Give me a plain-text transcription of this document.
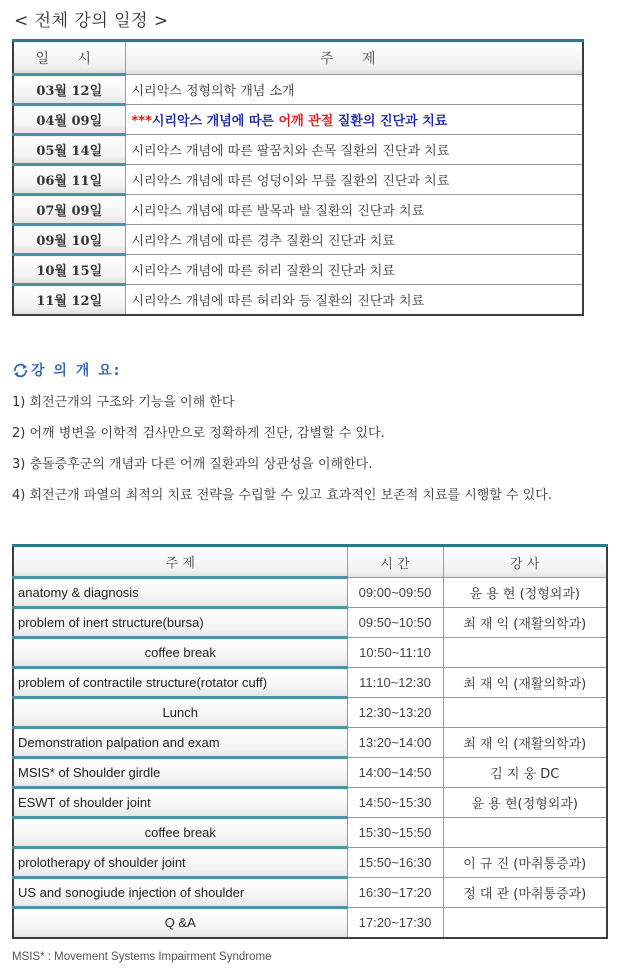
< 전체 강의 일정 >
일 시	주 제
03월 12일	시리악스 정형의학 개념 소개
04월 09일	***시리악스 개념에 따른 어깨 관절 질환의 진단과 치료
05월 14일	시리악스 개념에 따른 팔꿈치와 손목 질환의 진단과 치료
06월 11일	시리악스 개념에 따른 엉덩이와 무릎 질환의 진단과 치료
07월 09일	시리악스 개념에 따른 발목과 발 질환의 진단과 치료
09월 10일	시리악스 개념에 따른 경추 질환의 진단과 치료
10월 15일	시리악스 개념에 따른 허리 질환의 진단과 치료
11월 12일	시리악스 개념에 따른 허리와 등 질환의 진단과 치료
강 의 개 요:
1) 회전근개의 구조와 기능을 이해 한다
2) 어깨 병변을 이학적 검사만으로 정확하게 진단, 감별할 수 있다.
3) 충돌증후군의 개념과 다른 어깨 질환과의 상관성을 이해한다.
4) 회전근개 파열의 최적의 치료 전략을 수립할 수 있고 효과적인 보존적 치료를 시행할 수 있다.
주 제	시 간	강 사
anatomy & diagnosis	09:00~09:50	윤 용 현 (정형외과)
problem of inert structure(bursa)	09:50~10:50	최 재 익 (재활의학과)
coffee break	10:50~11:10	
problem of contractile structure(rotator cuff)	11:10~12:30	최 재 익 (재활의학과)
Lunch	12:30~13:20	
Demonstration palpation and exam	13:20~14:00	최 재 익 (재활의학과)
MSIS* of Shoulder girdle	14:00~14:50	김 지 웅 DC
ESWT of shoulder joint	14:50~15:30	윤 용 현(정형외과)
coffee break	15:30~15:50	
prolotherapy of shoulder joint	15:50~16:30	이 규 진 (마취통증과)
US and sonogiude injection of shoulder	16:30~17:20	정 대 관 (마취통증과)
Q &A	17:20~17:30	
MSIS* : Movement Systems Impairment Syndrome
